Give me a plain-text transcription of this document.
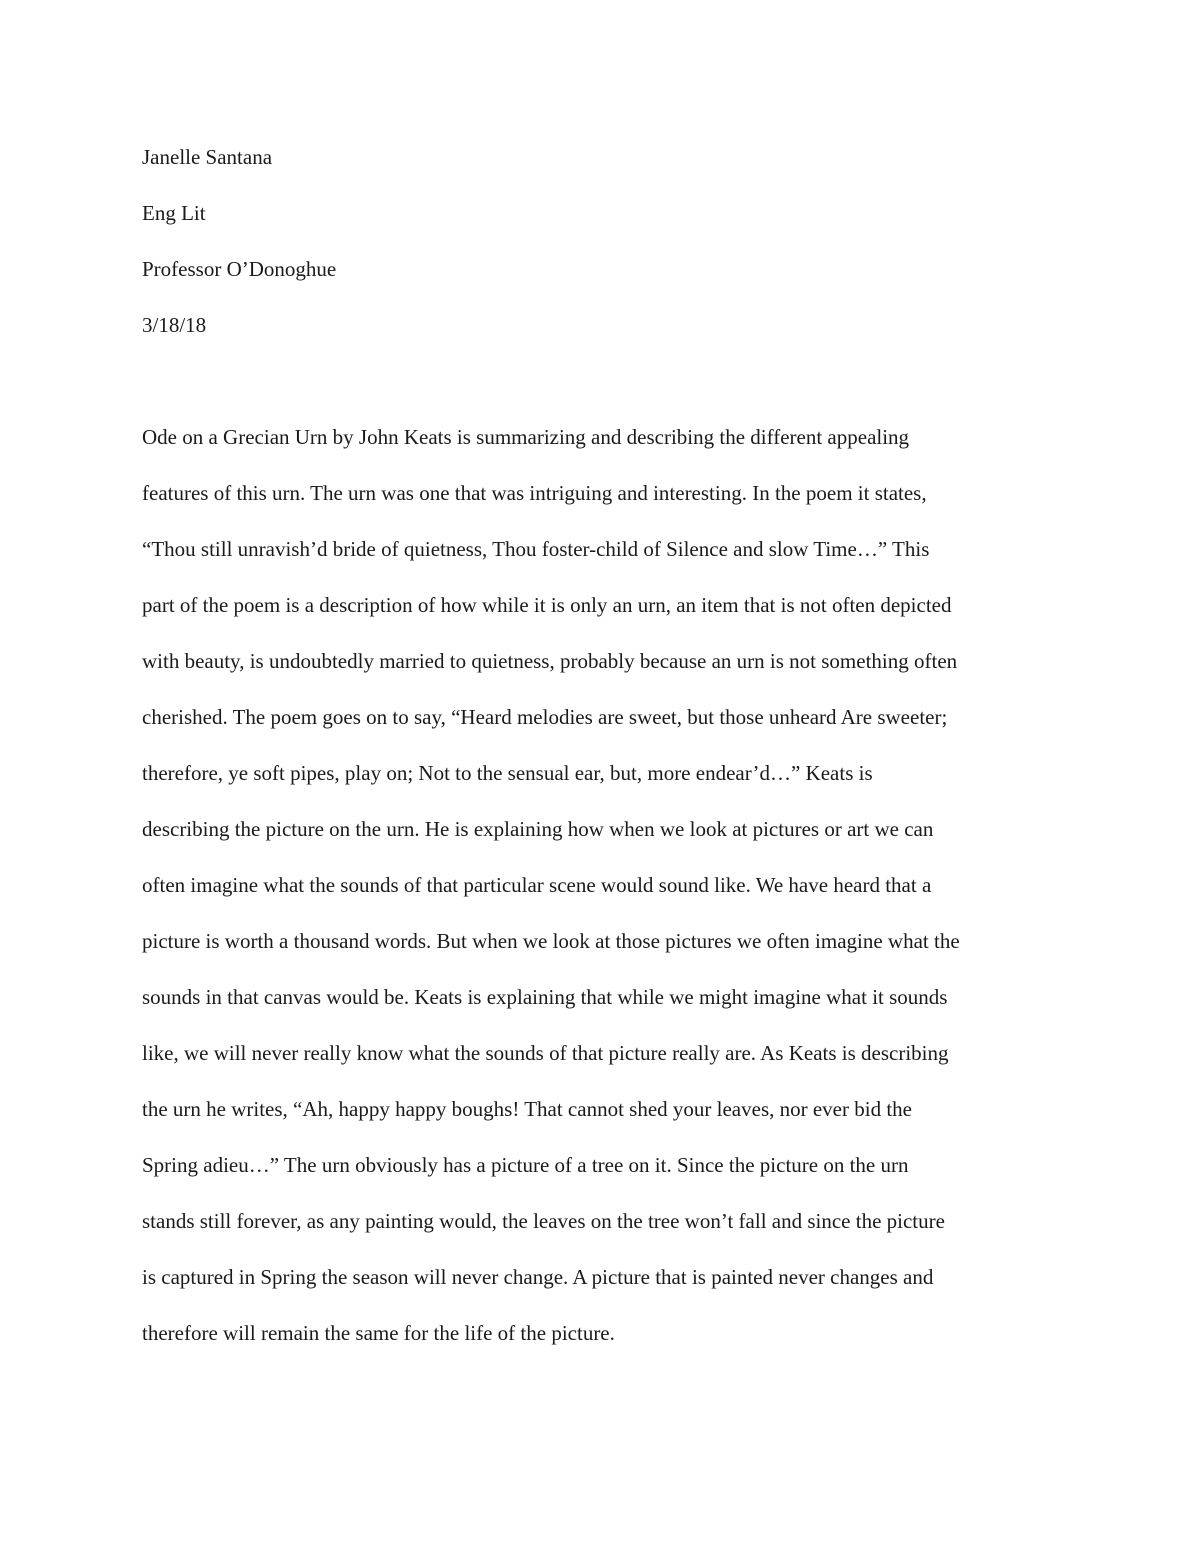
Janelle Santana
Eng Lit
Professor O’Donoghue
3/18/18
Ode on a Grecian Urn by John Keats is summarizing and describing the different appealing
features of this urn. The urn was one that was intriguing and interesting. In the poem it states,
“Thou still unravish’d bride of quietness, Thou foster-child of Silence and slow Time…” This
part of the poem is a description of how while it is only an urn, an item that is not often depicted
with beauty, is undoubtedly married to quietness, probably because an urn is not something often
cherished. The poem goes on to say, “Heard melodies are sweet, but those unheard Are sweeter;
therefore, ye soft pipes, play on; Not to the sensual ear, but, more endear’d…” Keats is
describing the picture on the urn. He is explaining how when we look at pictures or art we can
often imagine what the sounds of that particular scene would sound like. We have heard that a
picture is worth a thousand words. But when we look at those pictures we often imagine what the
sounds in that canvas would be. Keats is explaining that while we might imagine what it sounds
like, we will never really know what the sounds of that picture really are. As Keats is describing
the urn he writes, “Ah, happy happy boughs! That cannot shed your leaves, nor ever bid the
Spring adieu…” The urn obviously has a picture of a tree on it. Since the picture on the urn
stands still forever, as any painting would, the leaves on the tree won’t fall and since the picture
is captured in Spring the season will never change. A picture that is painted never changes and
therefore will remain the same for the life of the picture.
